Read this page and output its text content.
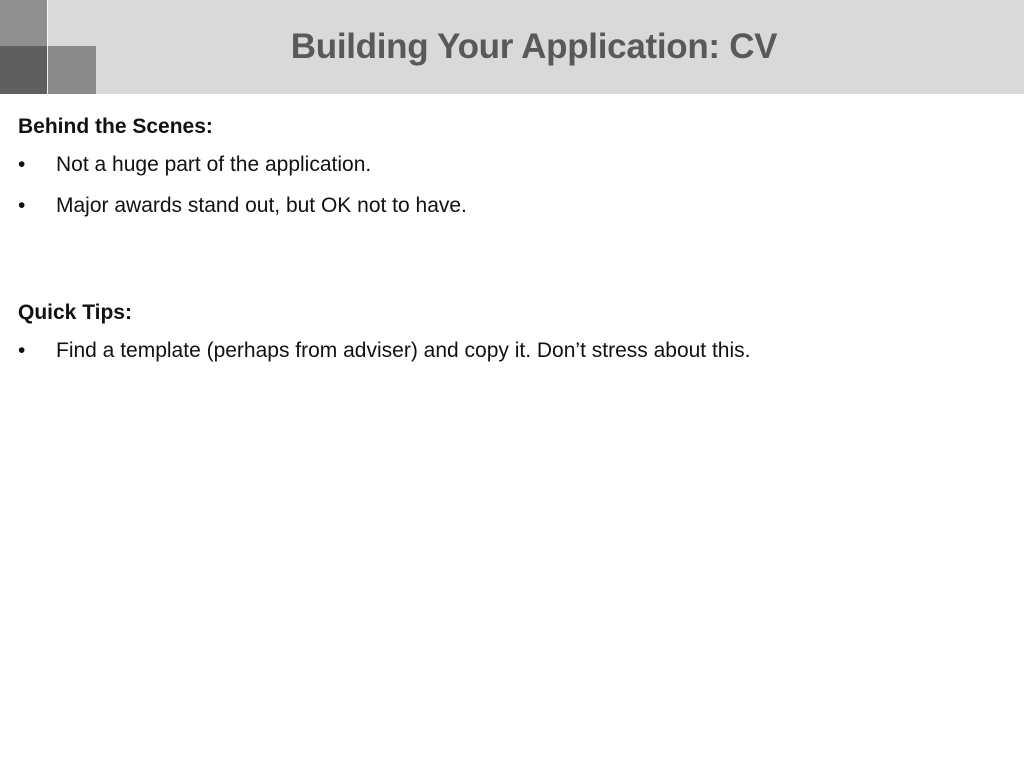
Building Your Application: CV

Behind the Scenes:

•	Not a huge part of the application.
•	Major awards stand out, but OK not to have.

Quick Tips:

•	Find a template (perhaps from adviser) and copy it. Don’t stress about this.
